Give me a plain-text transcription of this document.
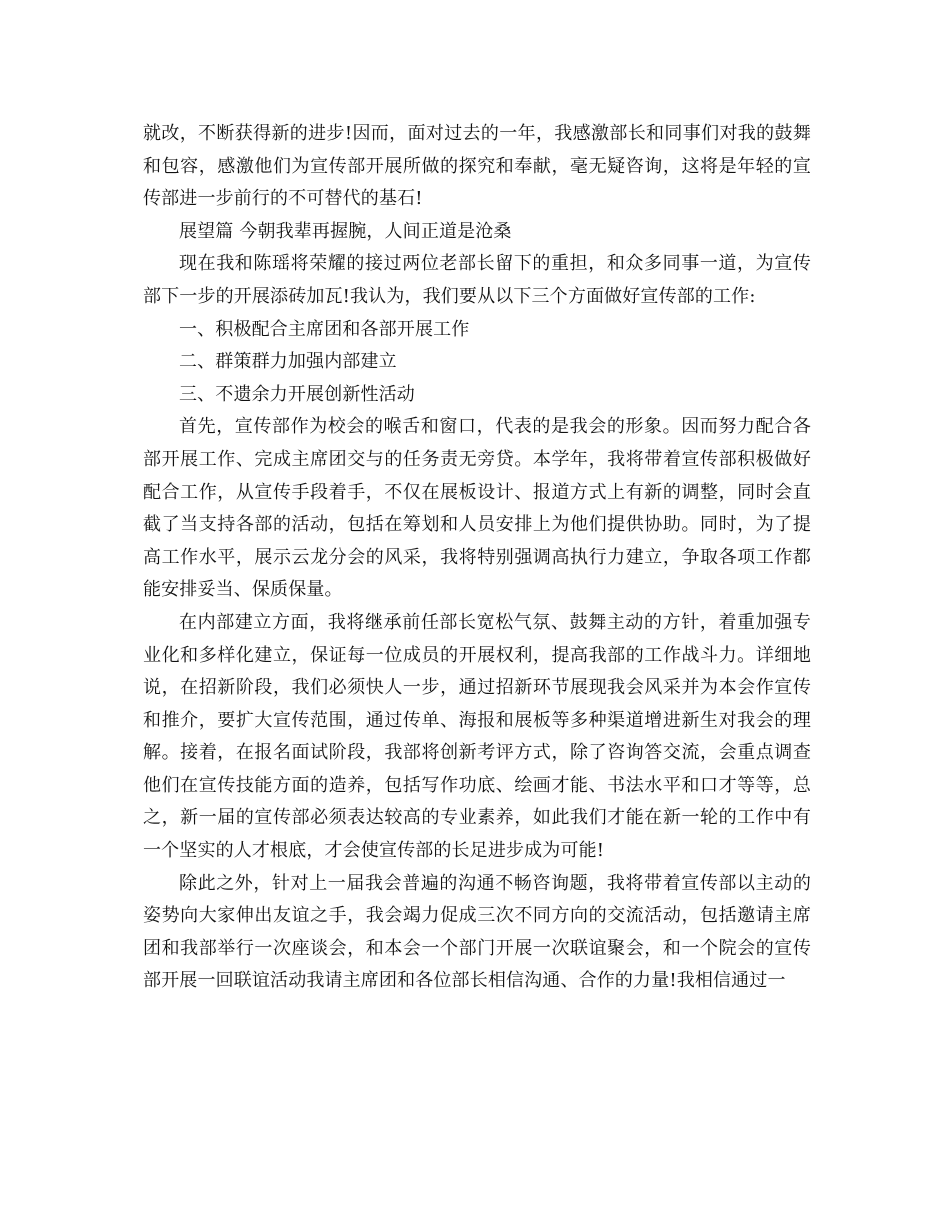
就改，不断获得新的进步!因而，面对过去的一年，我感激部长和同事们对我的鼓舞和包容，感激他们为宣传部开展所做的探究和奉献，毫无疑咨询，这将是年轻的宣传部进一步前行的不可替代的基石!

展望篇 今朝我辈再握腕，人间正道是沧桑

现在我和陈瑶将荣耀的接过两位老部长留下的重担，和众多同事一道，为宣传部下一步的开展添砖加瓦!我认为，我们要从以下三个方面做好宣传部的工作:

一、积极配合主席团和各部开展工作

二、群策群力加强内部建立

三、不遗余力开展创新性活动

首先，宣传部作为校会的喉舌和窗口，代表的是我会的形象。因而努力配合各部开展工作、完成主席团交与的任务责无旁贷。本学年，我将带着宣传部积极做好配合工作，从宣传手段着手，不仅在展板设计、报道方式上有新的调整，同时会直截了当支持各部的活动，包括在筹划和人员安排上为他们提供协助。同时，为了提高工作水平，展示云龙分会的风采，我将特别强调高执行力建立，争取各项工作都能安排妥当、保质保量。

在内部建立方面，我将继承前任部长宽松气氛、鼓舞主动的方针，着重加强专业化和多样化建立，保证每一位成员的开展权利，提高我部的工作战斗力。详细地说，在招新阶段，我们必须快人一步，通过招新环节展现我会风采并为本会作宣传和推介，要扩大宣传范围，通过传单、海报和展板等多种渠道增进新生对我会的理解。接着，在报名面试阶段，我部将创新考评方式，除了咨询答交流，会重点调查他们在宣传技能方面的造养，包括写作功底、绘画才能、书法水平和口才等等，总之，新一届的宣传部必须表达较高的专业素养，如此我们才能在新一轮的工作中有一个坚实的人才根底，才会使宣传部的长足进步成为可能!

除此之外，针对上一届我会普遍的沟通不畅咨询题，我将带着宣传部以主动的姿势向大家伸出友谊之手，我会竭力促成三次不同方向的交流活动，包括邀请主席团和我部举行一次座谈会，和本会一个部门开展一次联谊聚会，和一个院会的宣传部开展一回联谊活动我请主席团和各位部长相信沟通、合作的力量!我相信通过一
